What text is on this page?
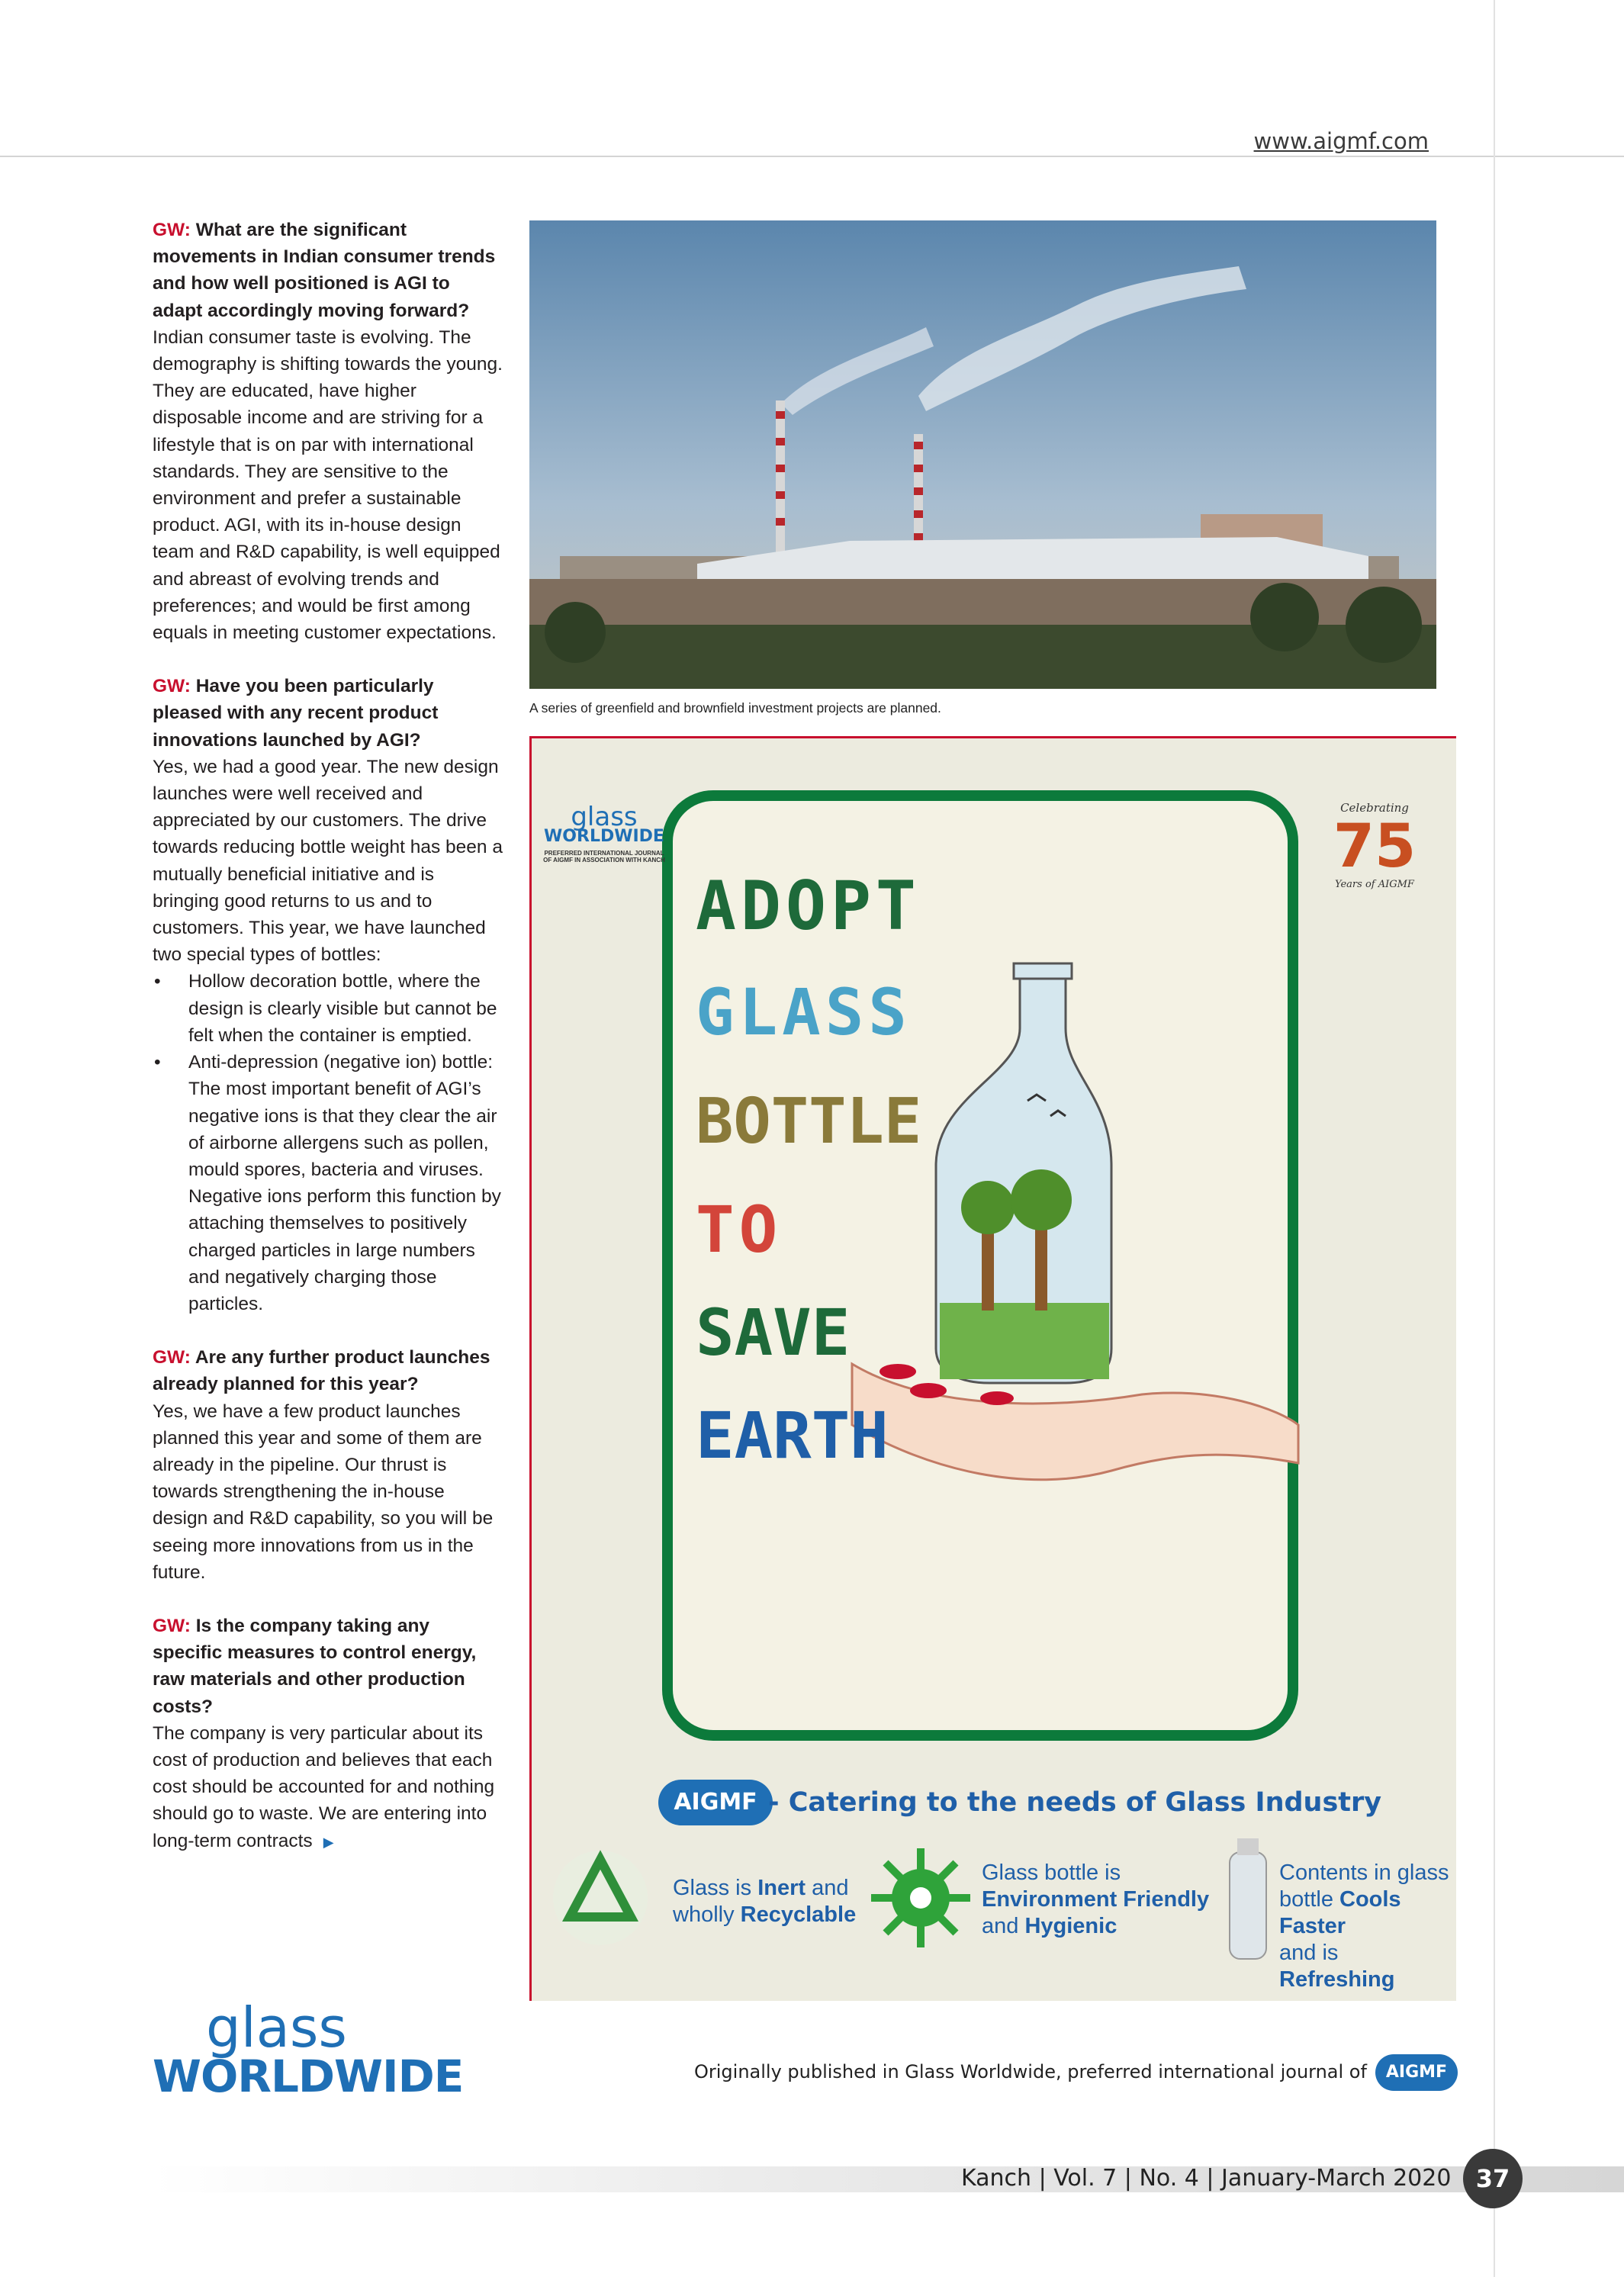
www.aigmf.com

GW: What are the significant movements in Indian consumer trends and how well positioned is AGI to adapt accordingly moving forward?

Indian consumer taste is evolving. The demography is shifting towards the young. They are educated, have higher disposable income and are striving for a lifestyle that is on par with international standards. They are sensitive to the environment and prefer a sustainable product. AGI, with its in-house design team and R&D capability, is well equipped and abreast of evolving trends and preferences; and would be first among equals in meeting customer expectations.

GW: Have you been particularly pleased with any recent product innovations launched by AGI?

Yes, we had a good year. The new design launches were well received and appreciated by our customers. The drive towards reducing bottle weight has been a mutually beneficial initiative and is bringing good returns to us and to customers. This year, we have launched two special types of bottles:

• Hollow decoration bottle, where the design is clearly visible but cannot be felt when the container is emptied.
• Anti-depression (negative ion) bottle: The most important benefit of AGI’s negative ions is that they clear the air of airborne allergens such as pollen, mould spores, bacteria and viruses. Negative ions perform this function by attaching themselves to positively charged particles in large numbers and negatively charging those particles.

GW: Are any further product launches already planned for this year?

Yes, we have a few product launches planned this year and some of them are already in the pipeline. Our thrust is towards strengthening the in-house design and R&D capability, so you will be seeing more innovations from us in the future.

GW: Is the company taking any specific measures to control energy, raw materials and other production costs?

The company is very particular about its cost of production and believes that each cost should be accounted for and nothing should go to waste. We are entering into long-term contracts ▶

A series of greenfield and brownfield investment projects are planned.
glass
WORLDWIDE
PREFERRED INTERNATIONAL JOURNAL OF AIGMF IN ASSOCIATION WITH KANCH
Celebrating
75
Years of AIGMF
ADOPT
GLASS
BOTTLE
TO
SAVE
EARTH
AIGMF - Catering to the needs of Glass Industry
Glass is Inert and
wholly Recyclable
Glass bottle is
Environment Friendly
and Hygienic
Contents in glass
bottle Cools Faster
and is Refreshing
glass
WORLDWIDE	Originally published in Glass Worldwide, preferred international journal of	AIGMF
Kanch | Vol. 7 | No. 4 | January-March 2020	37
